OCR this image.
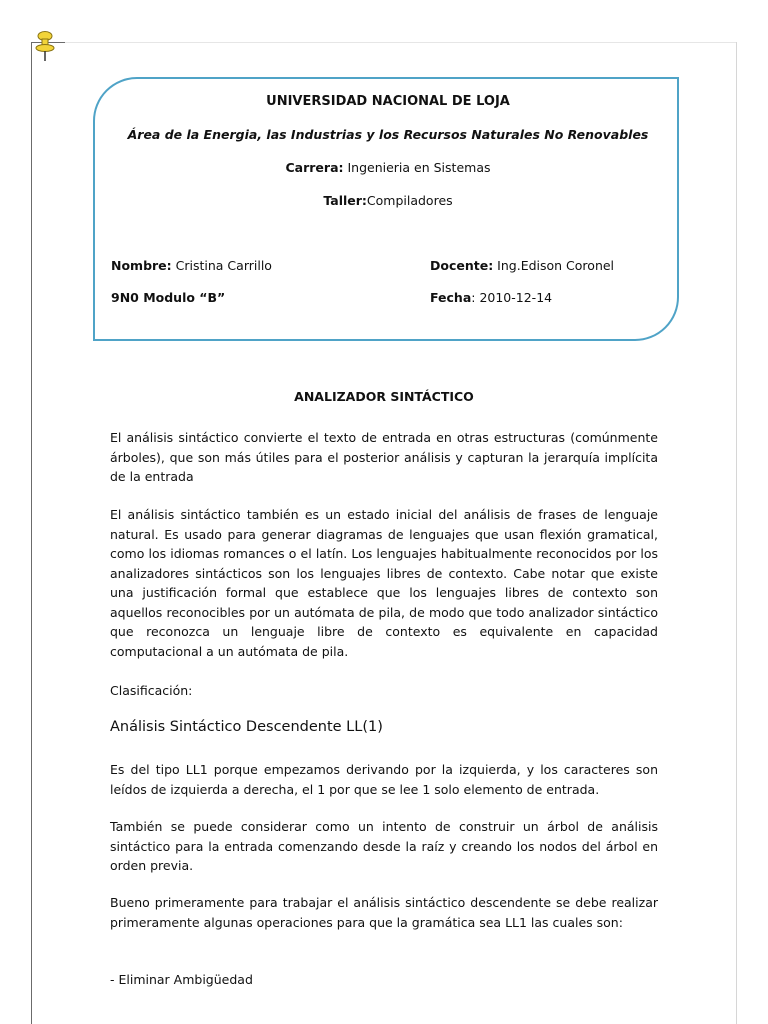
UNIVERSIDAD NACIONAL DE LOJA
Área de la Energia, las Industrias y los Recursos Naturales No Renovables
Carrera: Ingenieria en Sistemas
Taller:Compiladores
Nombre: Cristina Carrillo	Docente: Ing.Edison Coronel
9N0 Modulo “B”	Fecha: 2010-12-14
ANALIZADOR SINTÁCTICO

El análisis sintáctico convierte el texto de entrada en otras estructuras (comúnmente árboles), que son más útiles para el posterior análisis y capturan la jerarquía implícita de la entrada

El análisis sintáctico también es un estado inicial del análisis de frases de lenguaje natural. Es usado para generar diagramas de lenguajes que usan flexión gramatical, como los idiomas romances o el latín. Los lenguajes habitualmente reconocidos por los analizadores sintácticos son los lenguajes libres de contexto. Cabe notar que existe una justificación formal que establece que los lenguajes libres de contexto son aquellos reconocibles por un autómata de pila, de modo que todo analizador sintáctico que reconozca un lenguaje libre de contexto es equivalente en capacidad computacional a un autómata de pila.

Clasificación:

Análisis Sintáctico Descendente LL(1)

Es del tipo LL1 porque empezamos derivando por la izquierda, y los caracteres son leídos de izquierda a derecha, el 1 por que se lee 1 solo elemento de entrada.

También se puede considerar como un intento de construir un árbol de análisis sintáctico para la entrada comenzando desde la raíz y creando los nodos del árbol en orden previa.

Bueno primeramente para trabajar el análisis sintáctico descendente se debe realizar primeramente algunas operaciones para que la gramática sea LL1 las cuales son:

- Eliminar Ambigüedad
